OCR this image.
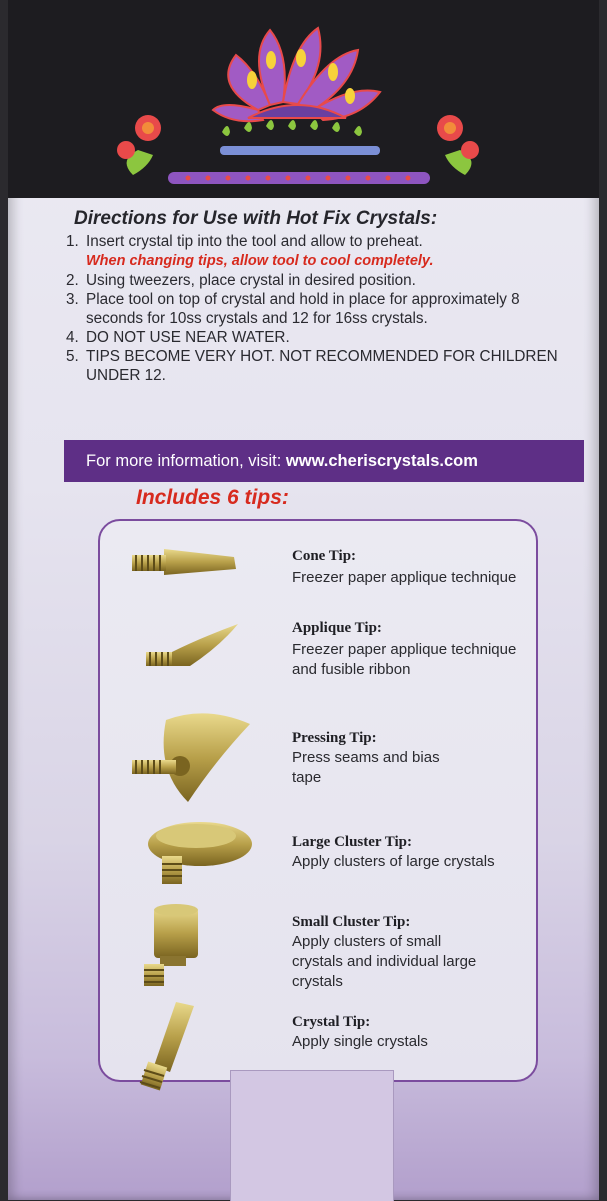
Directions for Use with Hot Fix Crystals:
1. Insert crystal tip into the tool and allow to preheat.
When changing tips, allow tool to cool completely.
2. Using tweezers, place crystal in desired position.
3. Place tool on top of crystal and hold in place for approximately 8 seconds for 10ss crystals and 12 for 16ss crystals.
4. DO NOT USE NEAR WATER.
5. TIPS BECOME VERY HOT. NOT RECOMMENDED FOR CHILDREN UNDER 12.
For more information, visit: www.cheriscrystals.com
Includes 6 tips:
Cone Tip:
Freezer paper applique technique
Applique Tip:
Freezer paper applique technique and fusible ribbon
Pressing Tip:
Press seams and bias tape
Large Cluster Tip:
Apply clusters of large crystals
Small Cluster Tip:
Apply clusters of small crystals and individual large crystals
Crystal Tip:
Apply single crystals
